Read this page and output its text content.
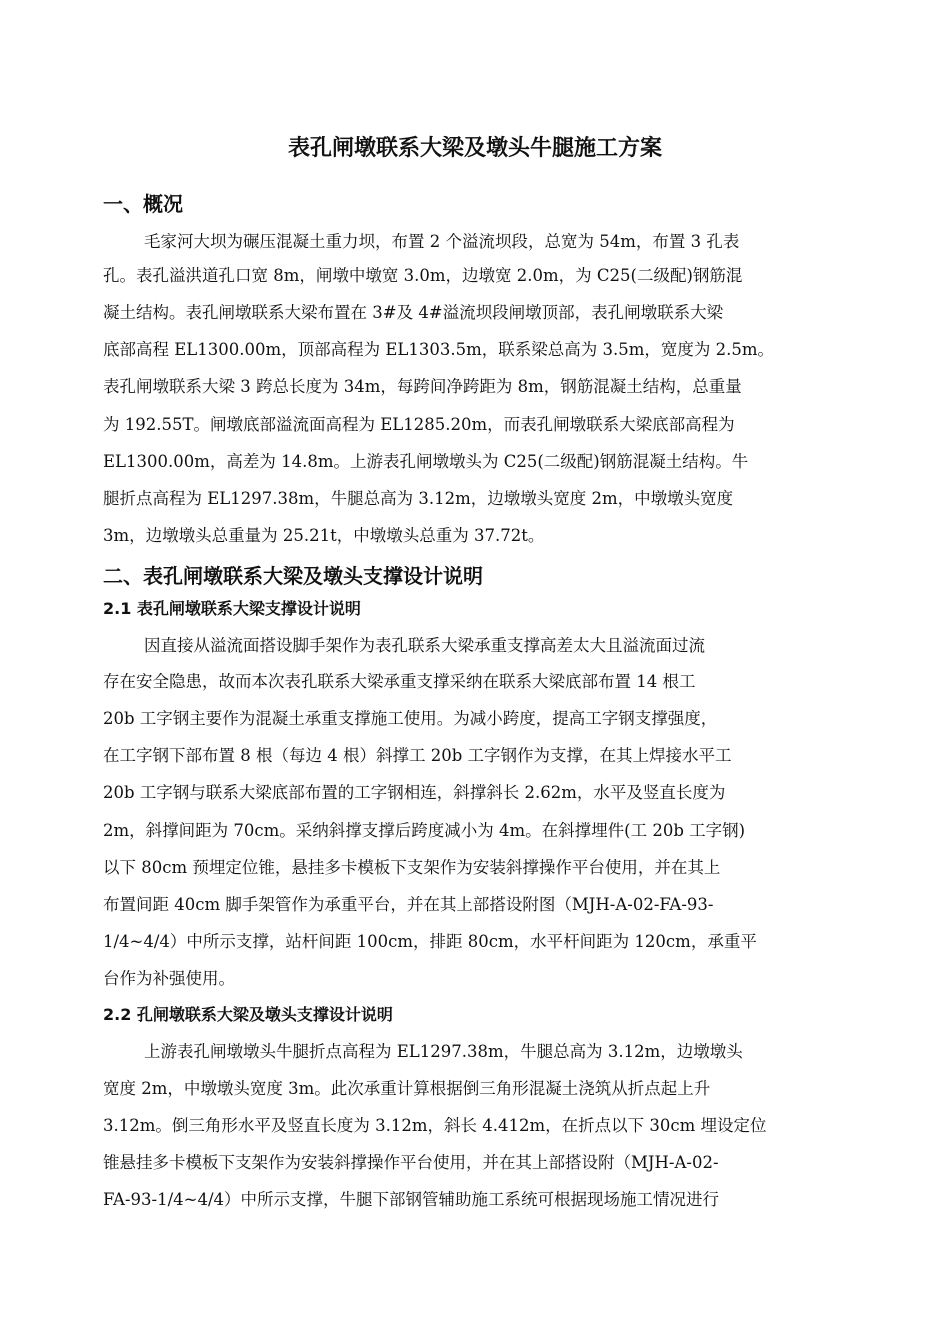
表孔闸墩联系大梁及墩头牛腿施工方案
一、概况
毛家河大坝为碾压混凝土重力坝，布置 2 个溢流坝段，总宽为 54m，布置 3 孔表
孔。表孔溢洪道孔口宽 8m，闸墩中墩宽 3.0m，边墩宽 2.0m，为 C25(二级配)钢筋混
凝土结构。表孔闸墩联系大梁布置在 3#及 4#溢流坝段闸墩顶部，表孔闸墩联系大梁
底部高程 EL1300.00m，顶部高程为 EL1303.5m，联系梁总高为 3.5m，宽度为 2.5m。
表孔闸墩联系大梁 3 跨总长度为 34m，每跨间净跨距为 8m，钢筋混凝土结构，总重量
为 192.55T。闸墩底部溢流面高程为 EL1285.20m，而表孔闸墩联系大梁底部高程为
EL1300.00m，高差为 14.8m。上游表孔闸墩墩头为 C25(二级配)钢筋混凝土结构。牛
腿折点高程为 EL1297.38m，牛腿总高为 3.12m，边墩墩头宽度 2m，中墩墩头宽度
3m，边墩墩头总重量为 25.21t，中墩墩头总重为 37.72t。
二、表孔闸墩联系大梁及墩头支撑设计说明
2.1 表孔闸墩联系大梁支撑设计说明
因直接从溢流面搭设脚手架作为表孔联系大梁承重支撑高差太大且溢流面过流
存在安全隐患，故而本次表孔联系大梁承重支撑采纳在联系大梁底部布置 14 根工
20b 工字钢主要作为混凝土承重支撑施工使用。为减小跨度，提高工字钢支撑强度，
在工字钢下部布置 8 根（每边 4 根）斜撑工 20b 工字钢作为支撑，在其上焊接水平工
20b 工字钢与联系大梁底部布置的工字钢相连，斜撑斜长 2.62m，水平及竖直长度为
2m，斜撑间距为 70cm。采纳斜撑支撑后跨度减小为 4m。在斜撑埋件(工 20b 工字钢)
以下 80cm 预埋定位锥，悬挂多卡模板下支架作为安装斜撑操作平台使用，并在其上
布置间距 40cm 脚手架管作为承重平台，并在其上部搭设附图（MJH-A-02-FA-93-
1/4~4/4）中所示支撑，站杆间距 100cm，排距 80cm，水平杆间距为 120cm，承重平
台作为补强使用。
2.2 孔闸墩联系大梁及墩头支撑设计说明
上游表孔闸墩墩头牛腿折点高程为 EL1297.38m，牛腿总高为 3.12m，边墩墩头
宽度 2m，中墩墩头宽度 3m。此次承重计算根据倒三角形混凝土浇筑从折点起上升
3.12m。倒三角形水平及竖直长度为 3.12m，斜长 4.412m，在折点以下 30cm 埋设定位
锥悬挂多卡模板下支架作为安装斜撑操作平台使用，并在其上部搭设附（MJH-A-02-
FA-93-1/4~4/4）中所示支撑，牛腿下部钢管辅助施工系统可根据现场施工情况进行
